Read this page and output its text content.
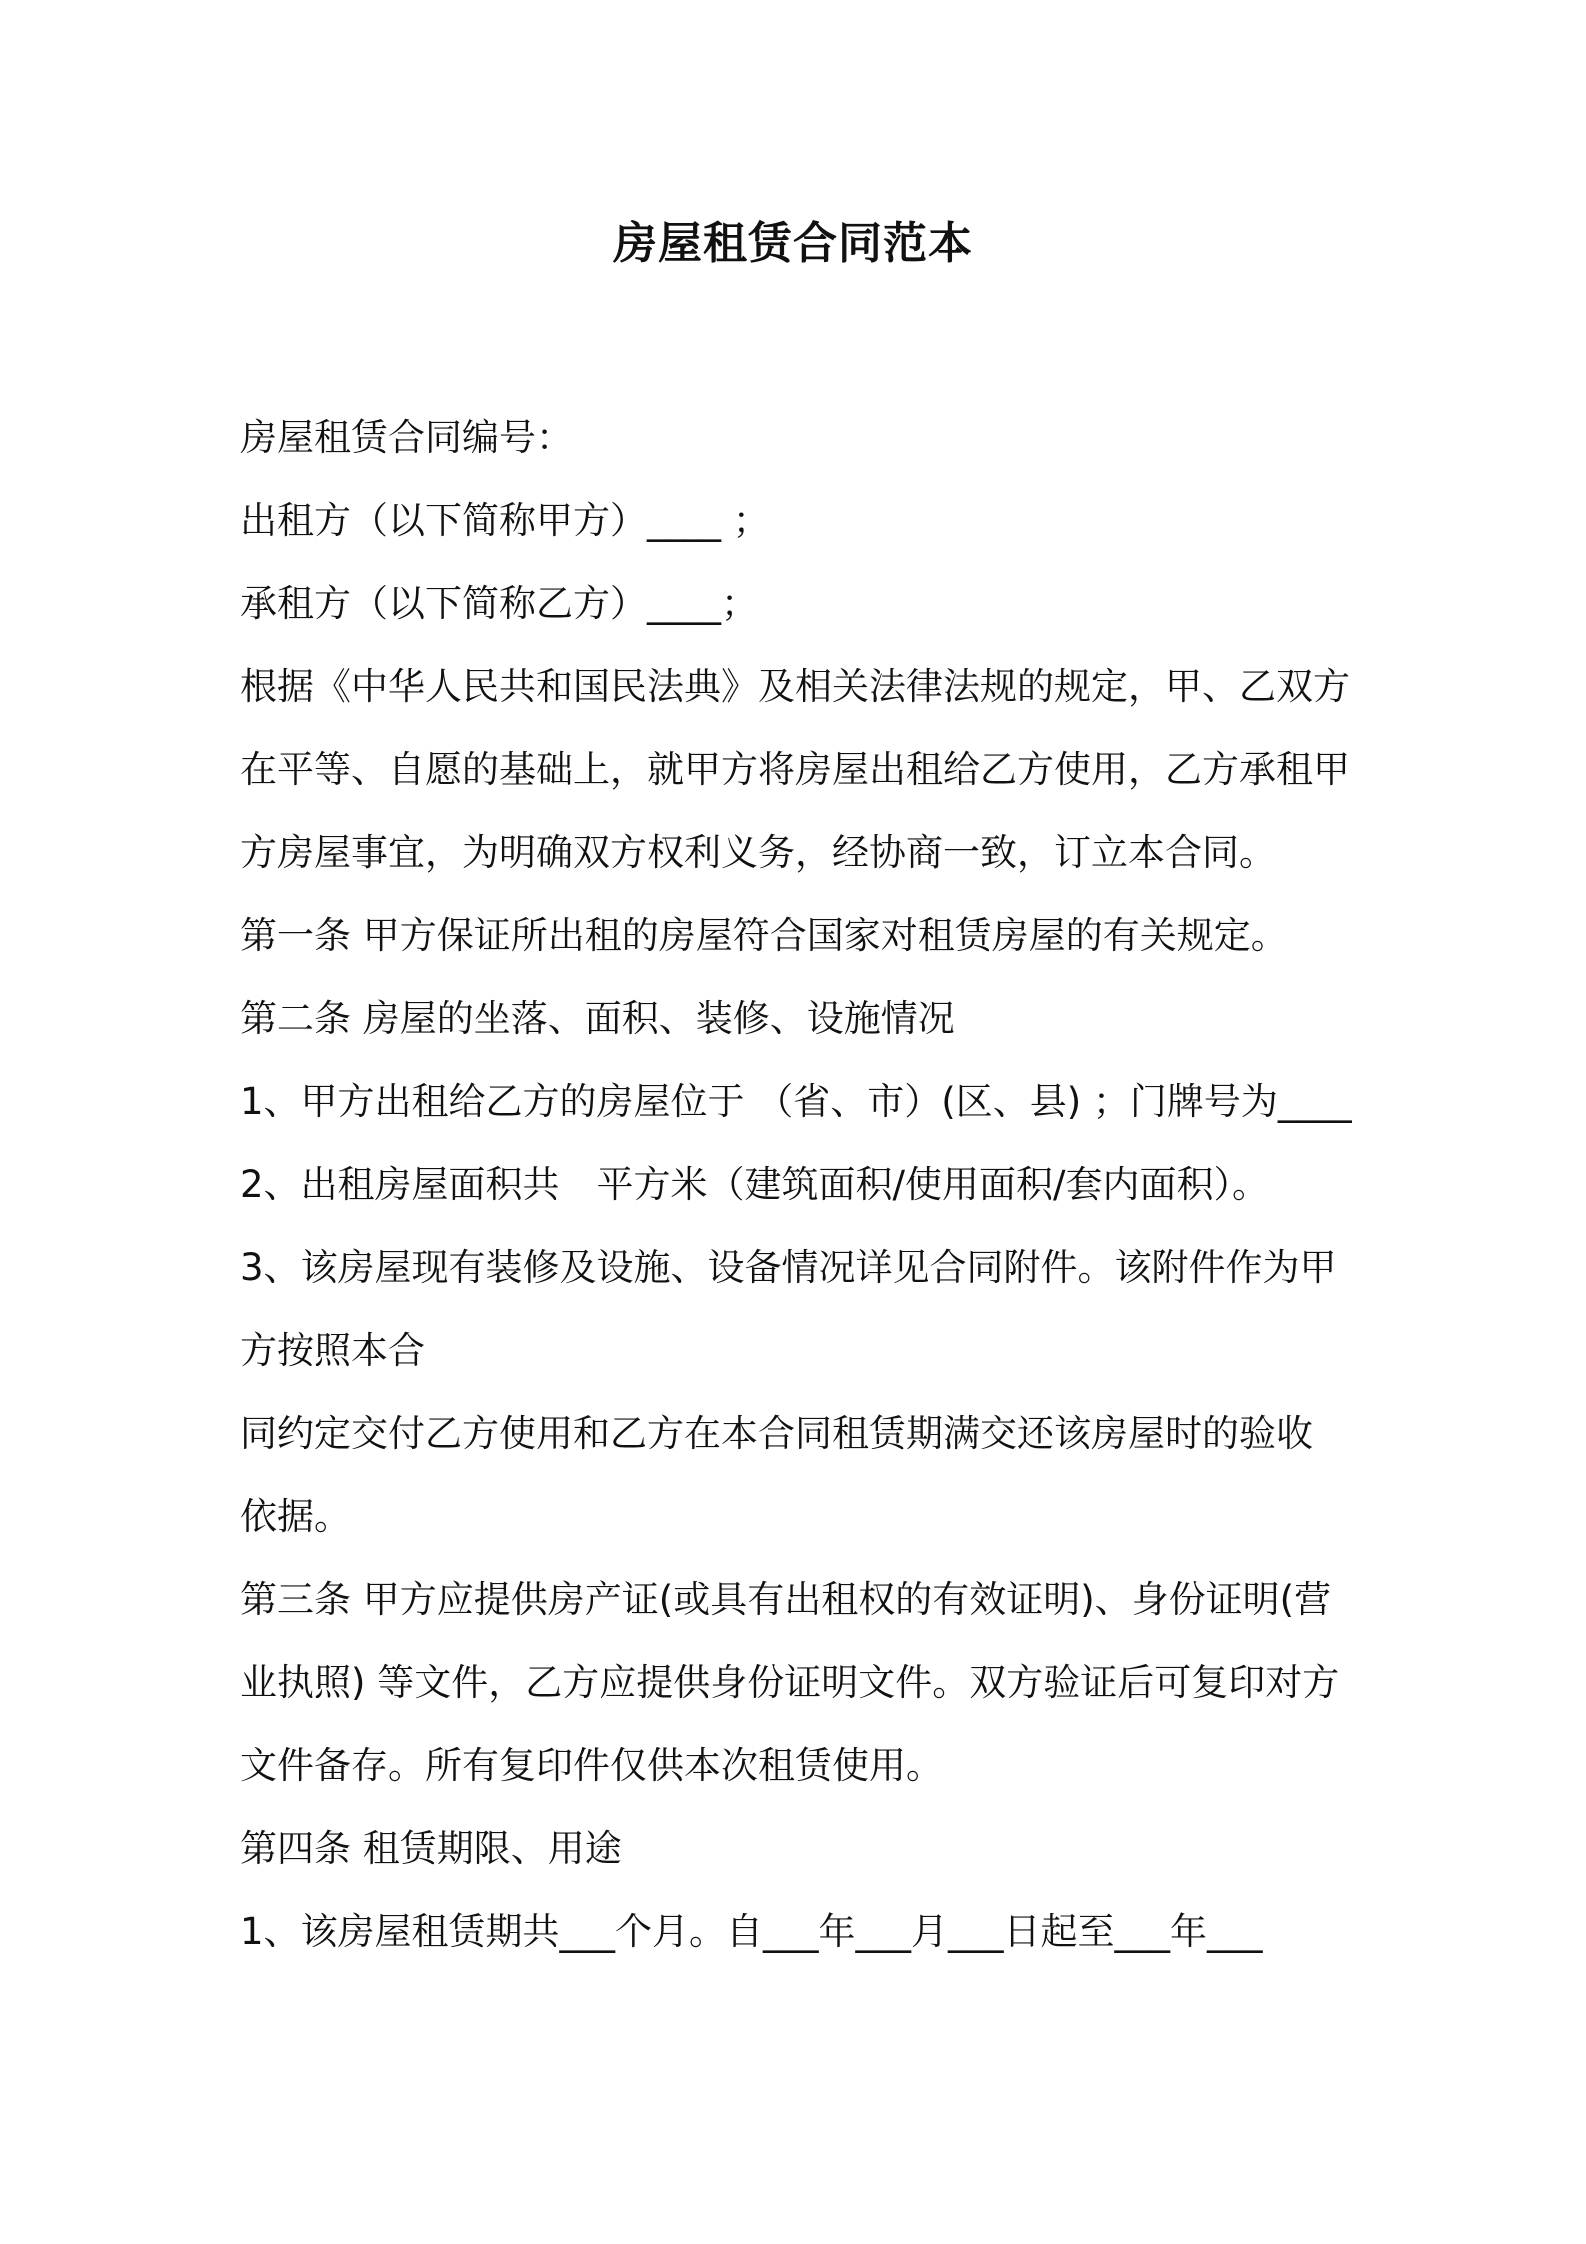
房屋租赁合同范本
房屋租赁合同编号：
出租方（以下简称甲方）____ ；
承租方（以下简称乙方）____；
根据《中华人民共和国民法典》及相关法律法规的规定，甲、乙双方
在平等、自愿的基础上，就甲方将房屋出租给乙方使用，乙方承租甲
方房屋事宜，为明确双方权利义务，经协商一致，订立本合同。
第一条 甲方保证所出租的房屋符合国家对租赁房屋的有关规定。
第二条 房屋的坐落、面积、装修、设施情况
1、甲方出租给乙方的房屋位于 （省、市）(区、县) ；门牌号为____
2、出租房屋面积共　平方米（建筑面积/使用面积/套内面积）。
3、该房屋现有装修及设施、设备情况详见合同附件。该附件作为甲
方按照本合
同约定交付乙方使用和乙方在本合同租赁期满交还该房屋时的验收
依据。
第三条 甲方应提供房产证(或具有出租权的有效证明)、身份证明(营
业执照) 等文件，乙方应提供身份证明文件。双方验证后可复印对方
文件备存。所有复印件仅供本次租赁使用。
第四条 租赁期限、用途
1、该房屋租赁期共___个月。自___年___月___日起至___年___
